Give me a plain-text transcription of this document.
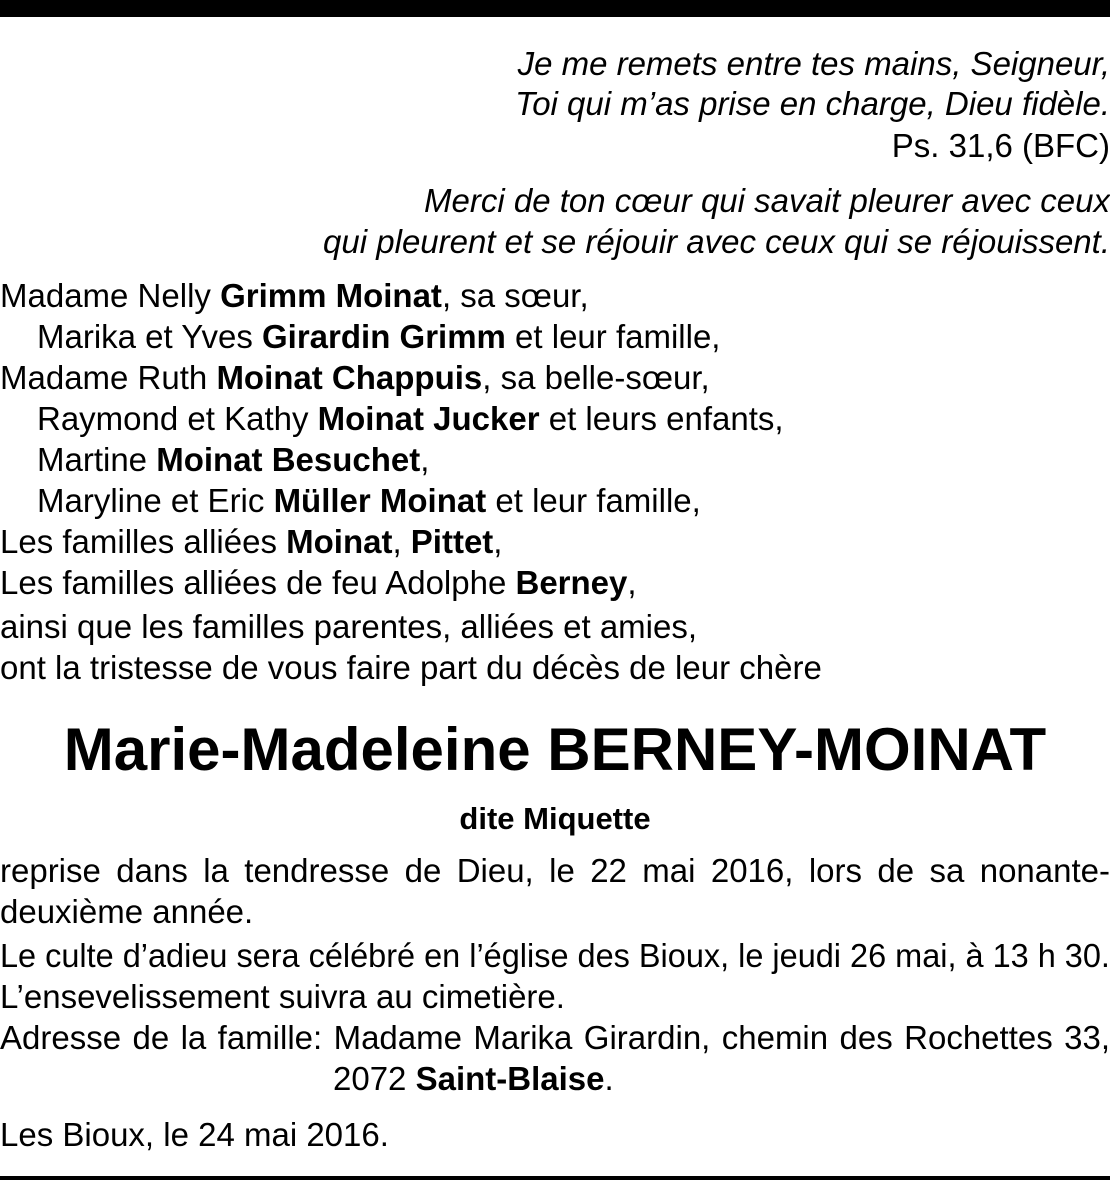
Je me remets entre tes mains, Seigneur,
Toi qui m’as prise en charge, Dieu fidèle.
Ps. 31,6 (BFC)
Merci de ton cœur qui savait pleurer avec ceux
qui pleurent et se réjouir avec ceux qui se réjouissent.
Madame Nelly Grimm Moinat, sa sœur,
Marika et Yves Girardin Grimm et leur famille,
Madame Ruth Moinat Chappuis, sa belle-sœur,
Raymond et Kathy Moinat Jucker et leurs enfants,
Martine Moinat Besuchet,
Maryline et Eric Müller Moinat et leur famille,
Les familles alliées Moinat, Pittet,
Les familles alliées de feu Adolphe Berney,
ainsi que les familles parentes, alliées et amies,
ont la tristesse de vous faire part du décès de leur chère
Marie-Madeleine BERNEY-MOINAT
dite Miquette
reprise dans la tendresse de Dieu, le 22 mai 2016, lors de sa nonante-
deuxième année.
Le culte d’adieu sera célébré en l’église des Bioux, le jeudi 26 mai, à 13 h 30.
L’ensevelissement suivra au cimetière.
Adresse de la famille: Madame Marika Girardin, chemin des Rochettes 33,
2072 Saint-Blaise.
Les Bioux, le 24 mai 2016.
